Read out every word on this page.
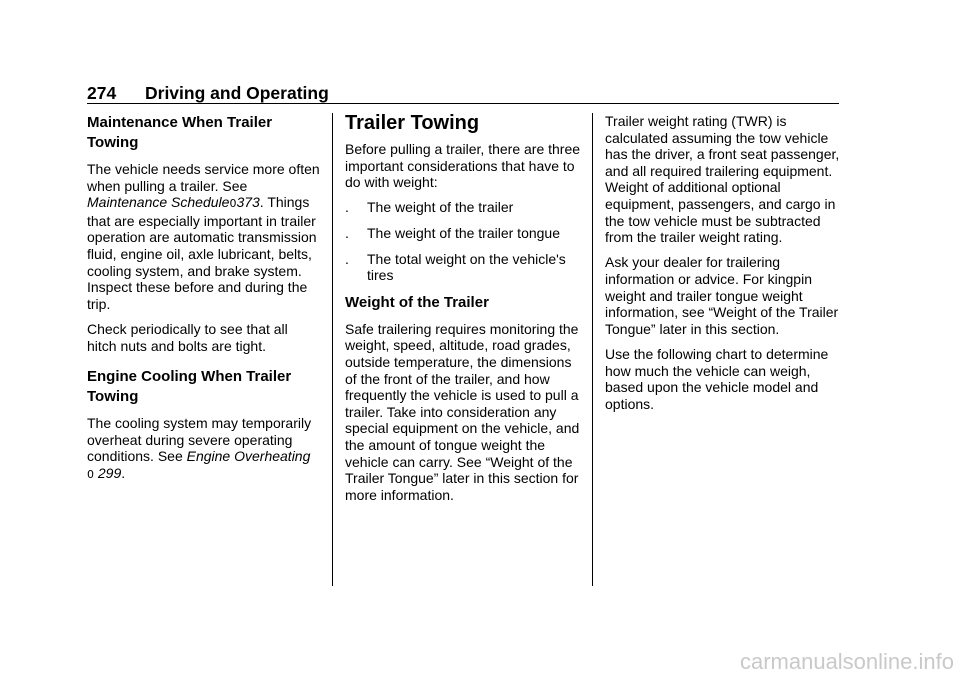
274 Driving and Operating
Maintenance When Trailer Towing

The vehicle needs service more often when pulling a trailer. See Maintenance Schedule0373. Things that are especially important in trailer operation are automatic transmission fluid, engine oil, axle lubricant, belts, cooling system, and brake system. Inspect these before and during the trip.

Check periodically to see that all hitch nuts and bolts are tight.

Engine Cooling When Trailer Towing

The cooling system may temporarily overheat during severe operating conditions. See Engine Overheating
0 299.

Trailer Towing

Before pulling a trailer, there are three important considerations that have to do with weight:

. The weight of the trailer
. The weight of the trailer tongue
. The total weight on the vehicle's tires
Weight of the Trailer

Safe trailering requires monitoring the weight, speed, altitude, road grades, outside temperature, the dimensions of the front of the trailer, and how frequently the vehicle is used to pull a trailer. Take into consideration any special equipment on the vehicle, and the amount of tongue weight the vehicle can carry. See “Weight of the Trailer Tongue” later in this section for more information.

Trailer weight rating (TWR) is calculated assuming the tow vehicle has the driver, a front seat passenger, and all required trailering equipment. Weight of additional optional equipment, passengers, and cargo in the tow vehicle must be subtracted from the trailer weight rating.

Ask your dealer for trailering information or advice. For kingpin weight and trailer tongue weight information, see “Weight of the Trailer Tongue” later in this section.

Use the following chart to determine how much the vehicle can weigh, based upon the vehicle model and options.

carmanualsonline.info
